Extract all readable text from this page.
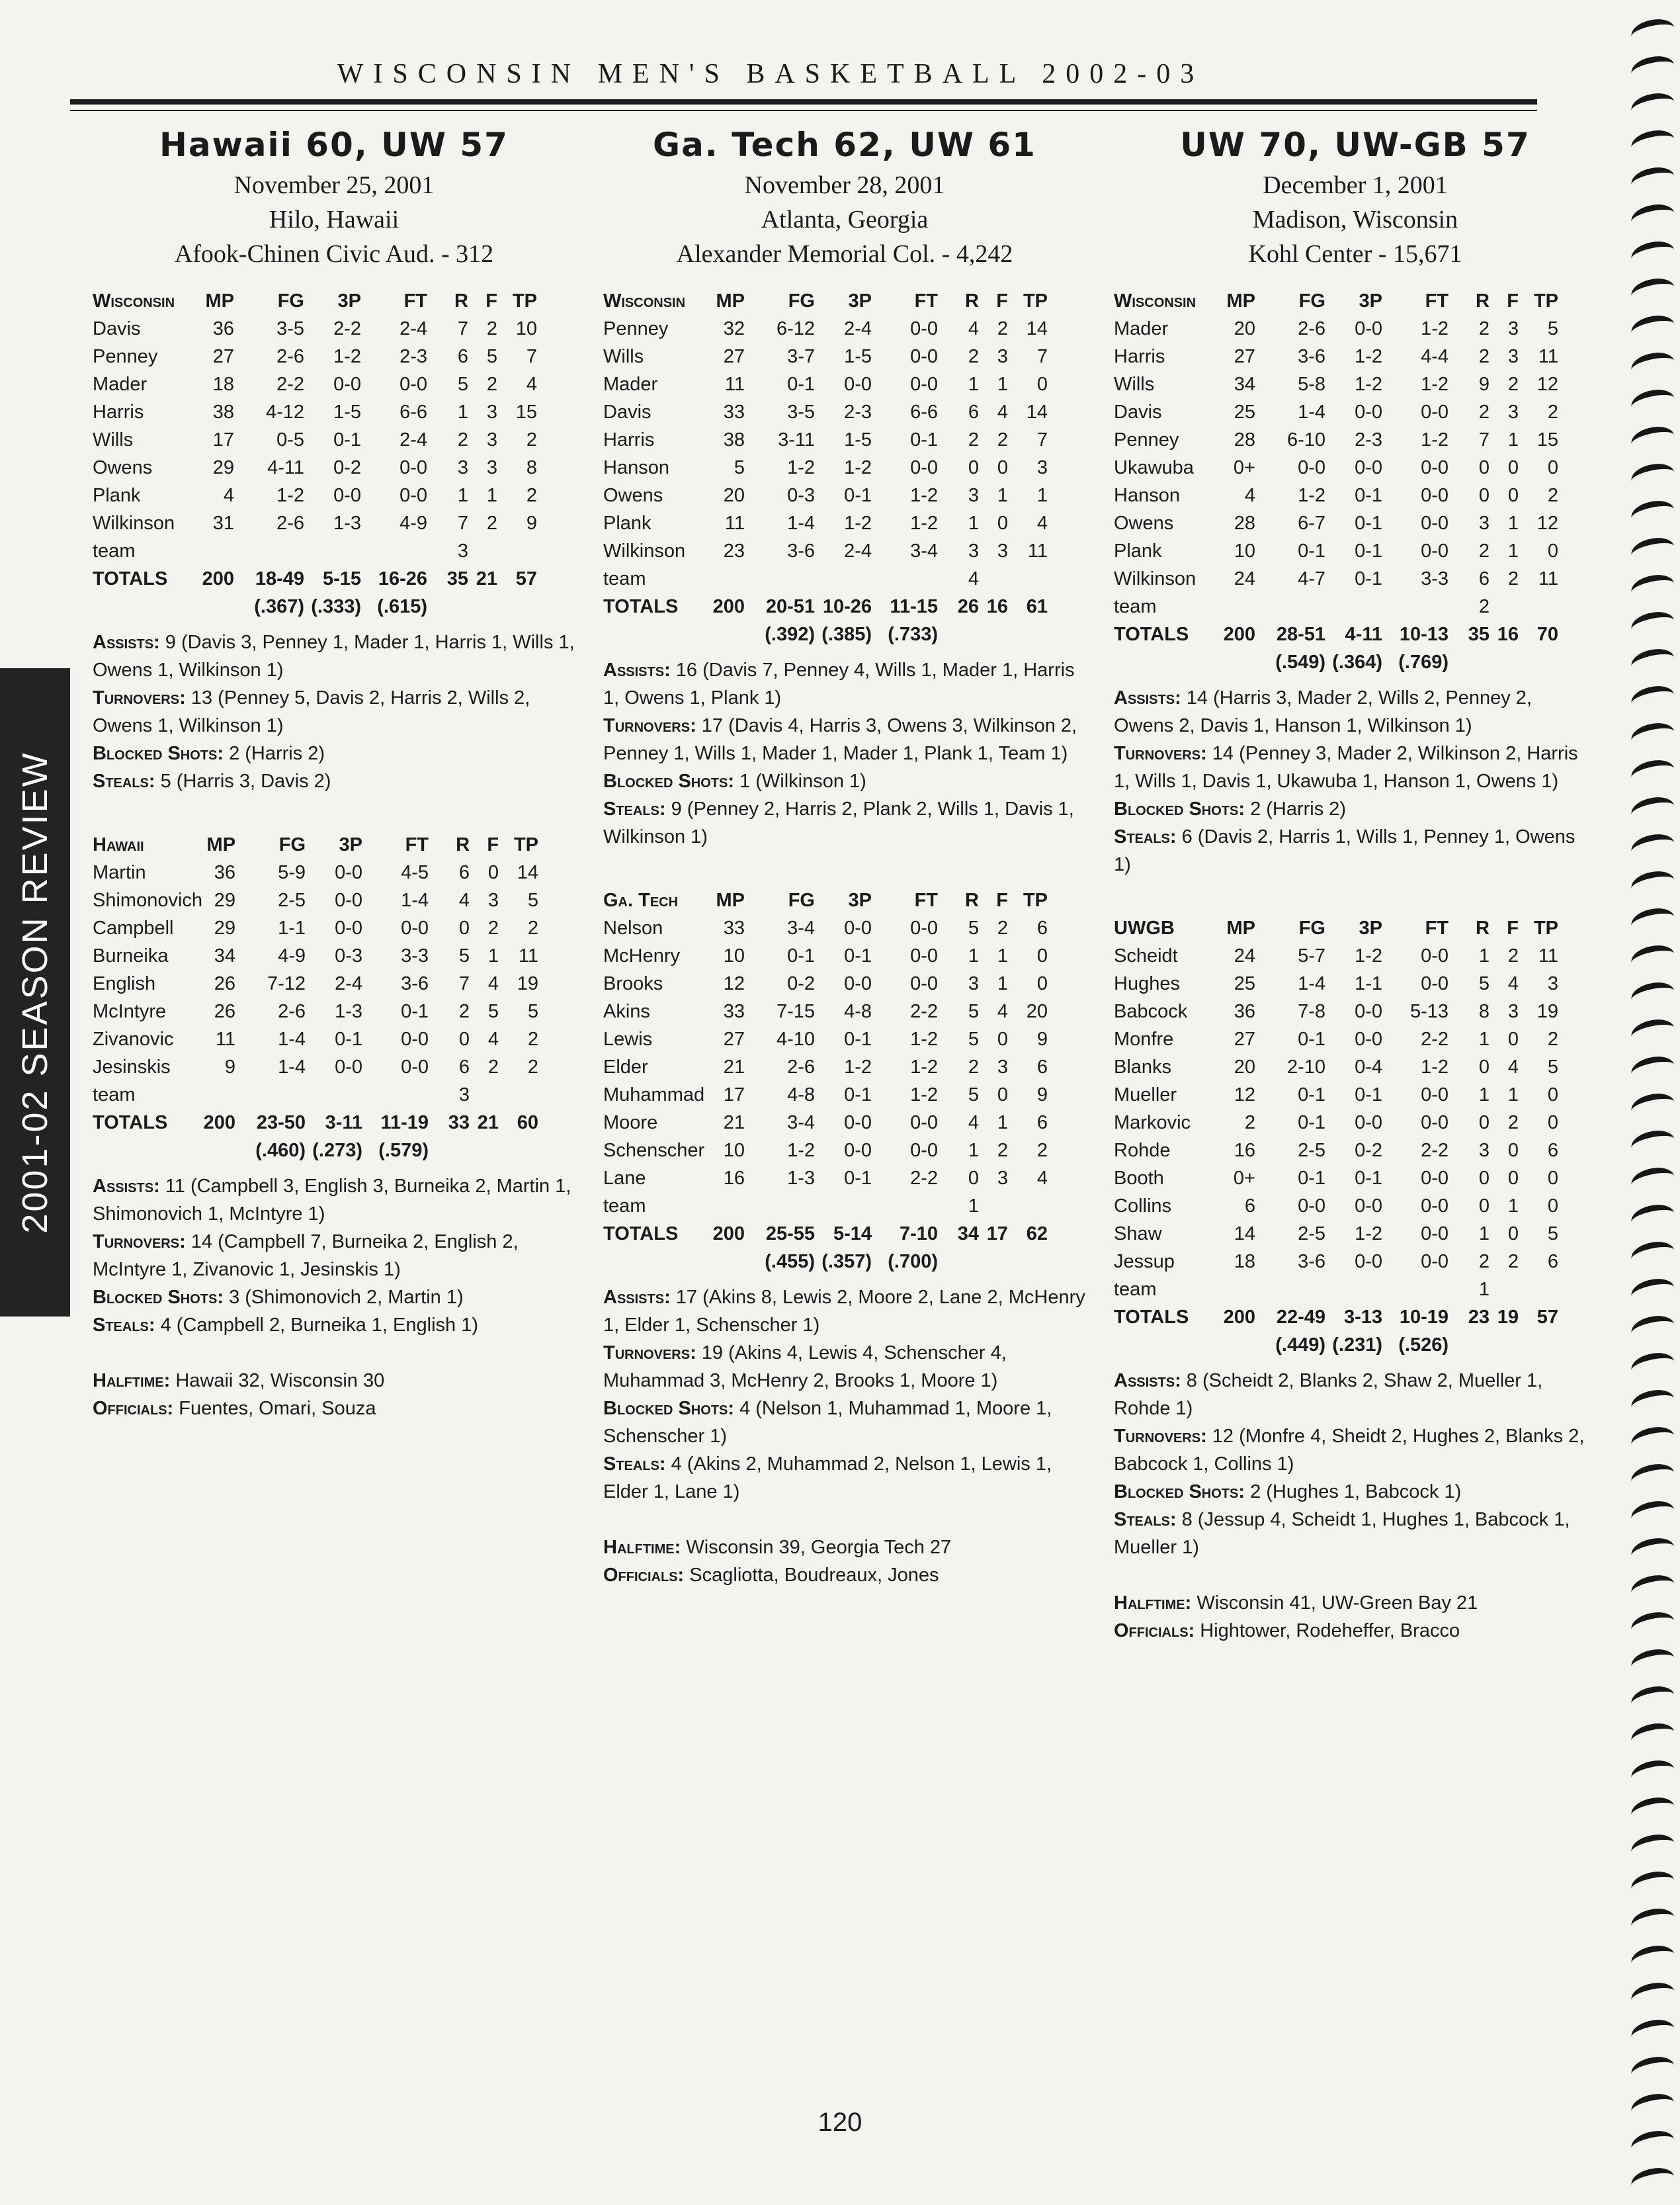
WISCONSIN MEN'S BASKETBALL 2002-03
2001-02 SEASON REVIEW
Hawaii 60, UW 57
November 25, 2001
Hilo, Hawaii
Afook-Chinen Civic Aud. - 312
Wisconsin	MP	FG	3P	FT	R	F	TP
Davis	36	3-5	2-2	2-4	7	2	10
Penney	27	2-6	1-2	2-3	6	5	7
Mader	18	2-2	0-0	0-0	5	2	4
Harris	38	4-12	1-5	6-6	1	3	15
Wills	17	0-5	0-1	2-4	2	3	2
Owens	29	4-11	0-2	0-0	3	3	8
Plank	4	1-2	0-0	0-0	1	1	2
Wilkinson	31	2-6	1-3	4-9	7	2	9
team					3		
TOTALS	200	18-49	5-15	16-26	35	21	57
		(.367)	(.333)	(.615)			
Assists: 9 (Davis 3, Penney 1, Mader 1, Harris 1, Wills 1, Owens 1, Wilkinson 1)
Turnovers: 13 (Penney 5, Davis 2, Harris 2, Wills 2, Owens 1, Wilkinson 1)
Blocked Shots: 2 (Harris 2)
Steals: 5 (Harris 3, Davis 2)
Hawaii	MP	FG	3P	FT	R	F	TP
Martin	36	5-9	0-0	4-5	6	0	14
Shimonovich	29	2-5	0-0	1-4	4	3	5
Campbell	29	1-1	0-0	0-0	0	2	2
Burneika	34	4-9	0-3	3-3	5	1	11
English	26	7-12	2-4	3-6	7	4	19
McIntyre	26	2-6	1-3	0-1	2	5	5
Zivanovic	11	1-4	0-1	0-0	0	4	2
Jesinskis	9	1-4	0-0	0-0	6	2	2
team					3		
TOTALS	200	23-50	3-11	11-19	33	21	60
		(.460)	(.273)	(.579)			
Assists: 11 (Campbell 3, English 3, Burneika 2, Martin 1, Shimonovich 1, McIntyre 1)
Turnovers: 14 (Campbell 7, Burneika 2, English 2, McIntyre 1, Zivanovic 1, Jesinskis 1)
Blocked Shots: 3 (Shimonovich 2, Martin 1)
Steals: 4 (Campbell 2, Burneika 1, English 1)
Halftime: Hawaii 32, Wisconsin 30
Officials: Fuentes, Omari, Souza
Ga. Tech 62, UW 61
November 28, 2001
Atlanta, Georgia
Alexander Memorial Col. - 4,242
Wisconsin	MP	FG	3P	FT	R	F	TP
Penney	32	6-12	2-4	0-0	4	2	14
Wills	27	3-7	1-5	0-0	2	3	7
Mader	11	0-1	0-0	0-0	1	1	0
Davis	33	3-5	2-3	6-6	6	4	14
Harris	38	3-11	1-5	0-1	2	2	7
Hanson	5	1-2	1-2	0-0	0	0	3
Owens	20	0-3	0-1	1-2	3	1	1
Plank	11	1-4	1-2	1-2	1	0	4
Wilkinson	23	3-6	2-4	3-4	3	3	11
team					4		
TOTALS	200	20-51	10-26	11-15	26	16	61
		(.392)	(.385)	(.733)			
Assists: 16 (Davis 7, Penney 4, Wills 1, Mader 1, Harris 1, Owens 1, Plank 1)
Turnovers: 17 (Davis 4, Harris 3, Owens 3, Wilkinson 2, Penney 1, Wills 1, Mader 1, Mader 1, Plank 1, Team 1)
Blocked Shots: 1 (Wilkinson 1)
Steals: 9 (Penney 2, Harris 2, Plank 2, Wills 1, Davis 1, Wilkinson 1)
Ga. Tech	MP	FG	3P	FT	R	F	TP
Nelson	33	3-4	0-0	0-0	5	2	6
McHenry	10	0-1	0-1	0-0	1	1	0
Brooks	12	0-2	0-0	0-0	3	1	0
Akins	33	7-15	4-8	2-2	5	4	20
Lewis	27	4-10	0-1	1-2	5	0	9
Elder	21	2-6	1-2	1-2	2	3	6
Muhammad	17	4-8	0-1	1-2	5	0	9
Moore	21	3-4	0-0	0-0	4	1	6
Schenscher	10	1-2	0-0	0-0	1	2	2
Lane	16	1-3	0-1	2-2	0	3	4
team					1		
TOTALS	200	25-55	5-14	7-10	34	17	62
		(.455)	(.357)	(.700)			
Assists: 17 (Akins 8, Lewis 2, Moore 2, Lane 2, McHenry 1, Elder 1, Schenscher 1)
Turnovers: 19 (Akins 4, Lewis 4, Schenscher 4, Muhammad 3, McHenry 2, Brooks 1, Moore 1)
Blocked Shots: 4 (Nelson 1, Muhammad 1, Moore 1, Schenscher 1)
Steals: 4 (Akins 2, Muhammad 2, Nelson 1, Lewis 1, Elder 1, Lane 1)
Halftime: Wisconsin 39, Georgia Tech 27
Officials: Scagliotta, Boudreaux, Jones
UW 70, UW-GB 57
December 1, 2001
Madison, Wisconsin
Kohl Center - 15,671
Wisconsin	MP	FG	3P	FT	R	F	TP
Mader	20	2-6	0-0	1-2	2	3	5
Harris	27	3-6	1-2	4-4	2	3	11
Wills	34	5-8	1-2	1-2	9	2	12
Davis	25	1-4	0-0	0-0	2	3	2
Penney	28	6-10	2-3	1-2	7	1	15
Ukawuba	0+	0-0	0-0	0-0	0	0	0
Hanson	4	1-2	0-1	0-0	0	0	2
Owens	28	6-7	0-1	0-0	3	1	12
Plank	10	0-1	0-1	0-0	2	1	0
Wilkinson	24	4-7	0-1	3-3	6	2	11
team					2		
TOTALS	200	28-51	4-11	10-13	35	16	70
		(.549)	(.364)	(.769)			
Assists: 14 (Harris 3, Mader 2, Wills 2, Penney 2, Owens 2, Davis 1, Hanson 1, Wilkinson 1)
Turnovers: 14 (Penney 3, Mader 2, Wilkinson 2, Harris 1, Wills 1, Davis 1, Ukawuba 1, Hanson 1, Owens 1)
Blocked Shots: 2 (Harris 2)
Steals: 6 (Davis 2, Harris 1, Wills 1, Penney 1, Owens 1)
UWGB	MP	FG	3P	FT	R	F	TP
Scheidt	24	5-7	1-2	0-0	1	2	11
Hughes	25	1-4	1-1	0-0	5	4	3
Babcock	36	7-8	0-0	5-13	8	3	19
Monfre	27	0-1	0-0	2-2	1	0	2
Blanks	20	2-10	0-4	1-2	0	4	5
Mueller	12	0-1	0-1	0-0	1	1	0
Markovic	2	0-1	0-0	0-0	0	2	0
Rohde	16	2-5	0-2	2-2	3	0	6
Booth	0+	0-1	0-1	0-0	0	0	0
Collins	6	0-0	0-0	0-0	0	1	0
Shaw	14	2-5	1-2	0-0	1	0	5
Jessup	18	3-6	0-0	0-0	2	2	6
team					1		
TOTALS	200	22-49	3-13	10-19	23	19	57
		(.449)	(.231)	(.526)			
Assists: 8 (Scheidt 2, Blanks 2, Shaw 2, Mueller 1, Rohde 1)
Turnovers: 12 (Monfre 4, Sheidt 2, Hughes 2, Blanks 2, Babcock 1, Collins 1)
Blocked Shots: 2 (Hughes 1, Babcock 1)
Steals: 8 (Jessup 4, Scheidt 1, Hughes 1, Babcock 1, Mueller 1)
Halftime: Wisconsin 41, UW-Green Bay 21
Officials: Hightower, Rodeheffer, Bracco
120
